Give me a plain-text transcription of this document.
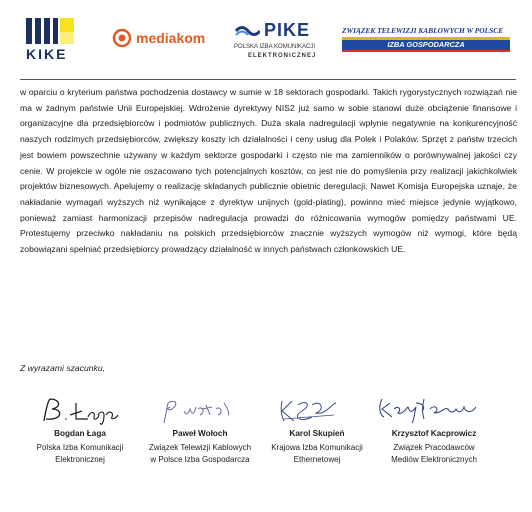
KIKE
mediakom	PIKE
POLSKA IZBA KOMUNIKACJI
ELEKTRONICZNEJ
ZWIĄZEK TELEWIZJI KABLOWYCH W POLSCE
IZBA GOSPODARCZA

w oparciu o kryterium państwa pochodzenia dostawcy w sumie w 18 sektorach gospodarki. Takich rygorystycznych rozwiązań nie ma w żadnym państwie Unii Europejskiej. Wdrożenie dyrektywy NIS2 już samo w sobie stanowi duże obciążenie finansowe i organizacyjne dla przedsiębiorców i podmiotów publicznych. Duża skala nadregulacji wpłynie negatywnie na konkurencyjność naszych rodzimych przedsiębiorców, zwiększy koszty ich działalności i ceny usług dla Polek i Polaków. Sprzęt z państw trzecich jest bowiem powszechnie używany w każdym sektorze gospodarki i często nie ma zamienników o porównywalnej jakości czy cenie. W projekcie w ogóle nie oszacowano tych potencjalnych kosztów, co jest nie do pomyślenia przy realizacji jakichkolwiek projektów biznesowych. Apelujemy o realizację składanych publicznie obietnic deregulacji. Nawet Komisja Europejska uznaje, że nakładanie wymagań wyższych niż wynikające z dyrektyw unijnych (gold-plating), powinno mieć miejsce jedynie wyjątkowo, ponieważ zamiast harmonizacji przepisów nadregulacja prowadzi do różnicowania wymogów pomiędzy państwami UE. Protestujemy przeciwko nakładaniu na polskich przedsiębiorców znacznie wyższych wymogów niż wymogi, które będą zobowiązani spełniać przedsiębiorcy prowadzący działalność w innych państwach członkowskich UE.

Z wyrazami szacunku,
Bogdan Łaga
Polska Izba Komunikacji
Elektronicznej
Paweł Wołoch
Związek Telewizji Kablowych
w Polsce Izba Gospodarcza
Karol Skupień
Krajowa Izba Komunikacji
Ethernetowej
Krzysztof Kacprowicz
Związek Pracodawców
Mediów Elektronicznych
